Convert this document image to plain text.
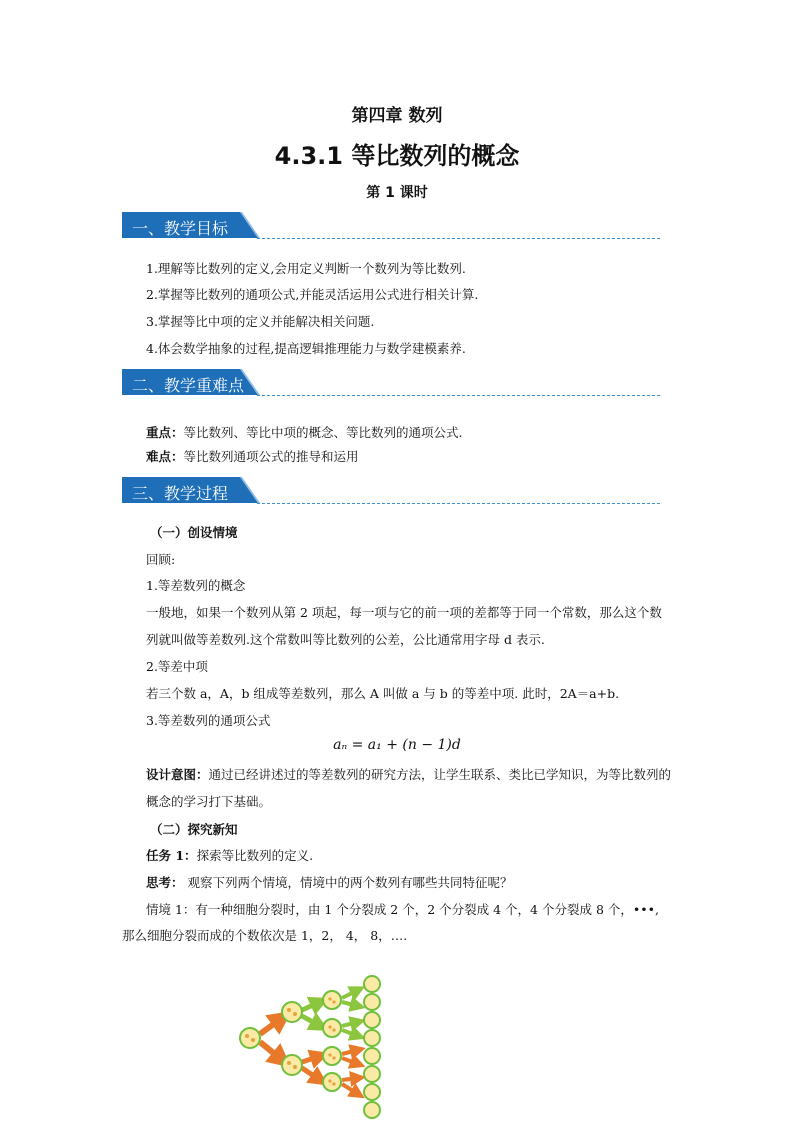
第四章 数列
4.3.1 等比数列的概念
第 1 课时
一、教学目标
1.理解等比数列的定义,会用定义判断一个数列为等比数列.
2.掌握等比数列的通项公式,并能灵活运用公式进行相关计算.
3.掌握等比中项的定义并能解决相关问题.
4.体会数学抽象的过程,提高逻辑推理能力与数学建模素养.
二、教学重难点
重点：等比数列、等比中项的概念、等比数列的通项公式.
难点：等比数列通项公式的推导和运用
三、教学过程
（一）创设情境
回顾:
1.等差数列的概念
一般地，如果一个数列从第 2 项起，每一项与它的前一项的差都等于同一个常数，那么这个数列就叫做等差数列.这个常数叫等比数列的公差，公比通常用字母 d 表示.
2.等差中项
若三个数 a，A，b 组成等差数列，那么 A 叫做 a 与 b 的等差中项. 此时，2A＝a+b.
3.等差数列的通项公式
aₙ = a₁ + (n − 1)d
设计意图：通过已经讲述过的等差数列的研究方法，让学生联系、类比已学知识，为等比数列的概念的学习打下基础。
（二）探究新知
任务 1：探索等比数列的定义.
思考： 观察下列两个情境，情境中的两个数列有哪些共同特征呢？
情境 1：有一种细胞分裂时，由 1 个分裂成 2 个，2 个分裂成 4 个，4 个分裂成 8 个，•••,
那么细胞分裂而成的个数依次是 1，2， 4， 8，….
